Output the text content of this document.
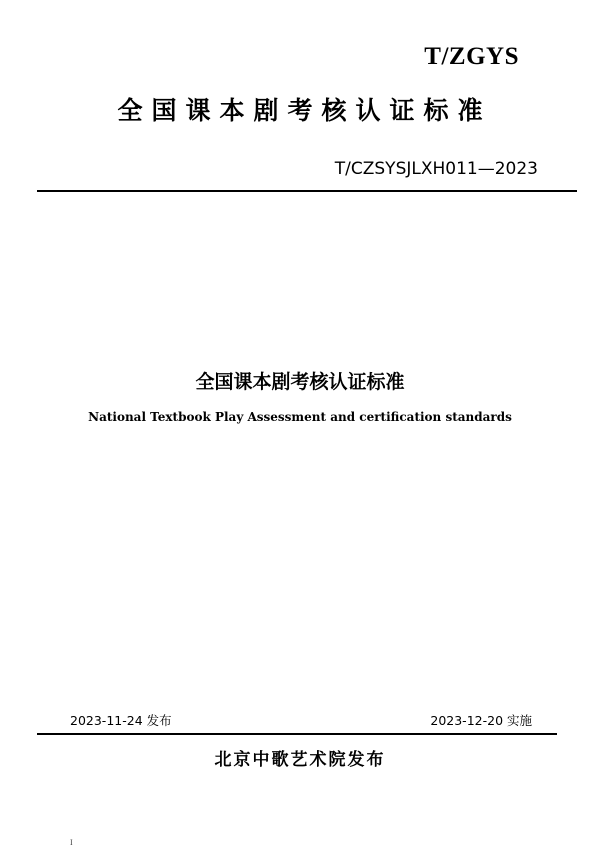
T/ZGYS
全国课本剧考核认证标准
T/CZSYSJLXH011—2023
全国课本剧考核认证标准
National Textbook Play Assessment and certification standards
2023-11-24 发布	2023-12-20 实施
北京中歌艺术院发布
I
